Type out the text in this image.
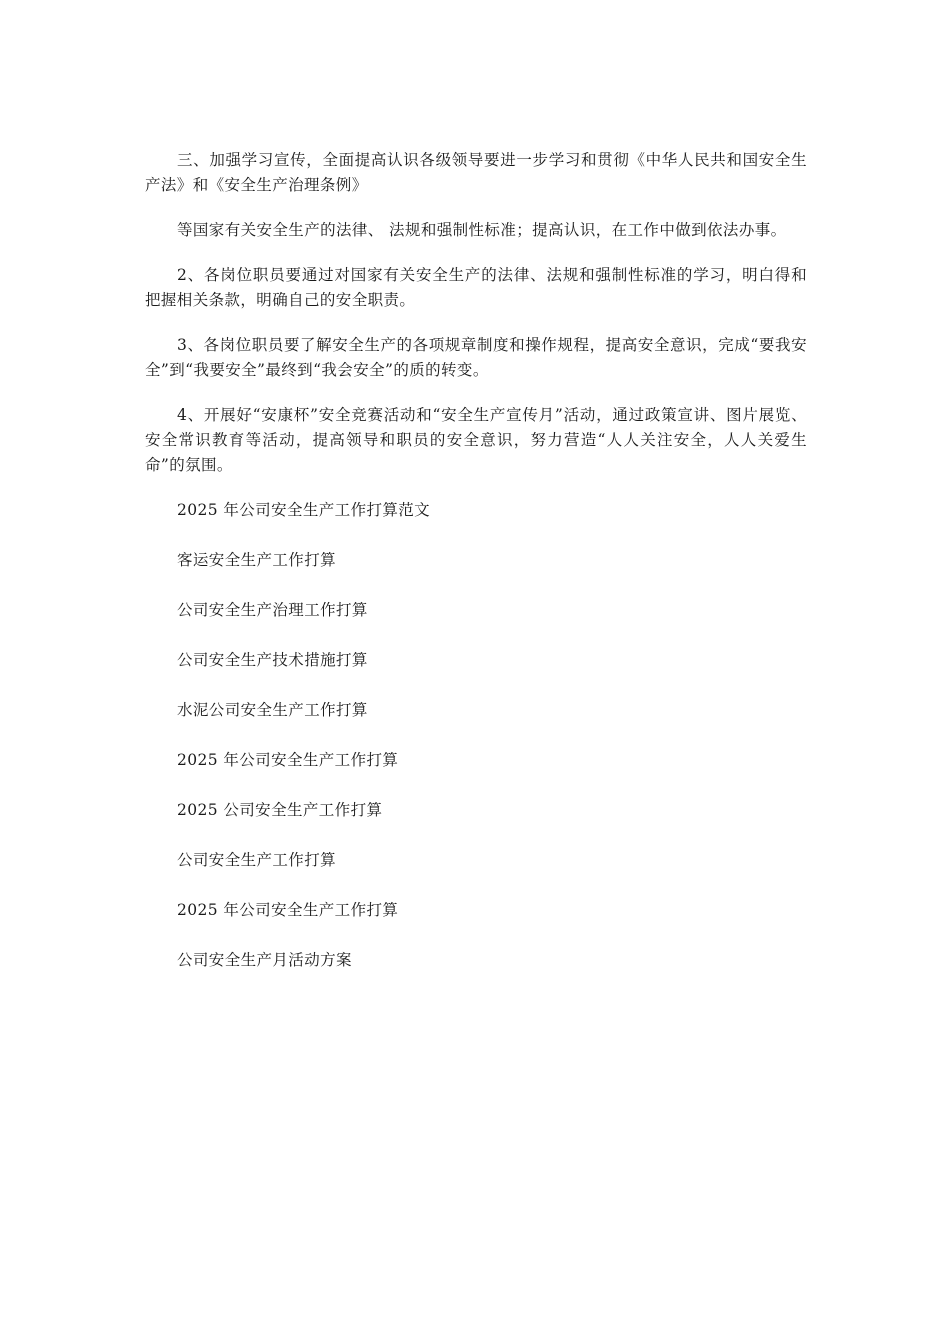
三、加强学习宣传，全面提高认识各级领导要进一步学习和贯彻《中华人民共和国安全生产法》和《安全生产治理条例》

等国家有关安全生产的法律、 法规和强制性标准；提高认识，在工作中做到依法办事。

2、各岗位职员要通过对国家有关安全生产的法律、法规和强制性标准的学习，明白得和把握相关条款，明确自己的安全职责。

3、各岗位职员要了解安全生产的各项规章制度和操作规程，提高安全意识，完成“要我安全”到“我要安全”最终到“我会安全”的质的转变。

4、开展好“安康杯”安全竞赛活动和“安全生产宣传月”活动，通过政策宣讲、图片展览、安全常识教育等活动，提高领导和职员的安全意识，努力营造“人人关注安全，人人关爱生命”的氛围。

2025 年公司安全生产工作打算范文
客运安全生产工作打算
公司安全生产治理工作打算
公司安全生产技术措施打算
水泥公司安全生产工作打算
2025 年公司安全生产工作打算
2025 公司安全生产工作打算
公司安全生产工作打算
2025 年公司安全生产工作打算
公司安全生产月活动方案
